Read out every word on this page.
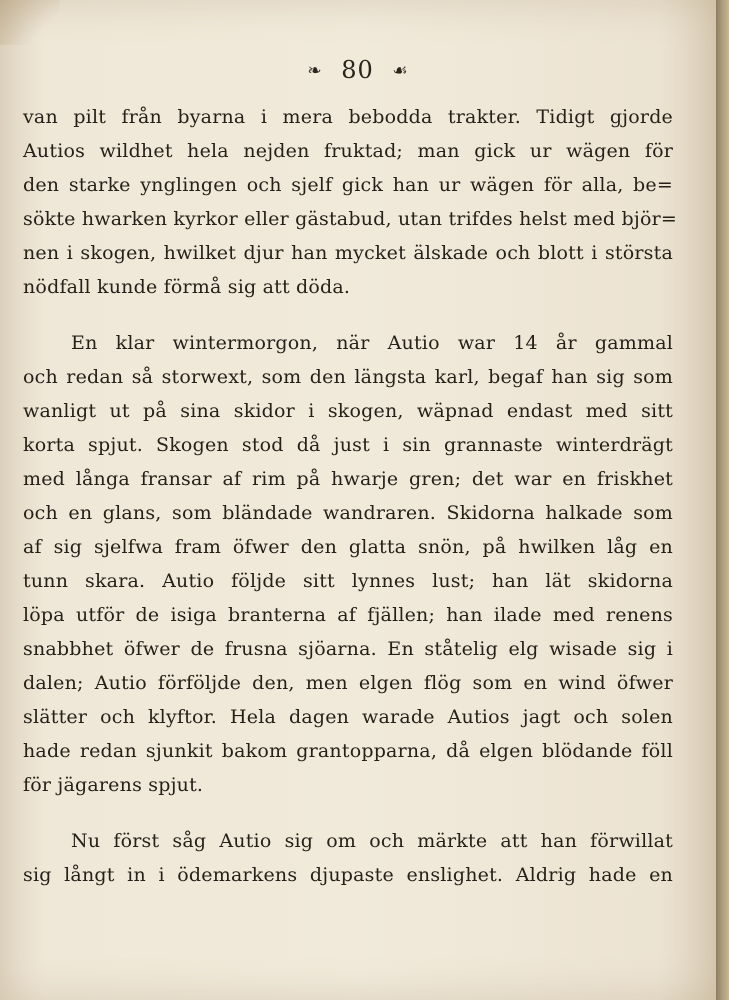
❧ 80 ☙
van pilt från byarna i mera bebodda trakter. Tidigt gjorde
Autios wildhet hela nejden fruktad; man gick ur wägen för
den starke ynglingen och sjelf gick han ur wägen för alla, be=
sökte hwarken kyrkor eller gästabud, utan trifdes helst med björ=
nen i skogen, hwilket djur han mycket älskade och blott i största
nödfall kunde förmå sig att döda.
En klar wintermorgon, när Autio war 14 år gammal
och redan så storwext, som den längsta karl, begaf han sig som
wanligt ut på sina skidor i skogen, wäpnad endast med sitt
korta spjut. Skogen stod då just i sin grannaste winterdrägt
med långa fransar af rim på hwarje gren; det war en friskhet
och en glans, som bländade wandraren. Skidorna halkade som
af sig sjelfwa fram öfwer den glatta snön, på hwilken låg en
tunn skara. Autio följde sitt lynnes lust; han lät skidorna
löpa utför de isiga branterna af fjällen; han ilade med renens
snabbhet öfwer de frusna sjöarna. En ståtelig elg wisade sig i
dalen; Autio förföljde den, men elgen flög som en wind öfwer
slätter och klyftor. Hela dagen warade Autios jagt och solen
hade redan sjunkit bakom grantopparna, då elgen blödande föll
för jägarens spjut.
Nu först såg Autio sig om och märkte att han förwillat
sig långt in i ödemarkens djupaste enslighet. Aldrig hade en
